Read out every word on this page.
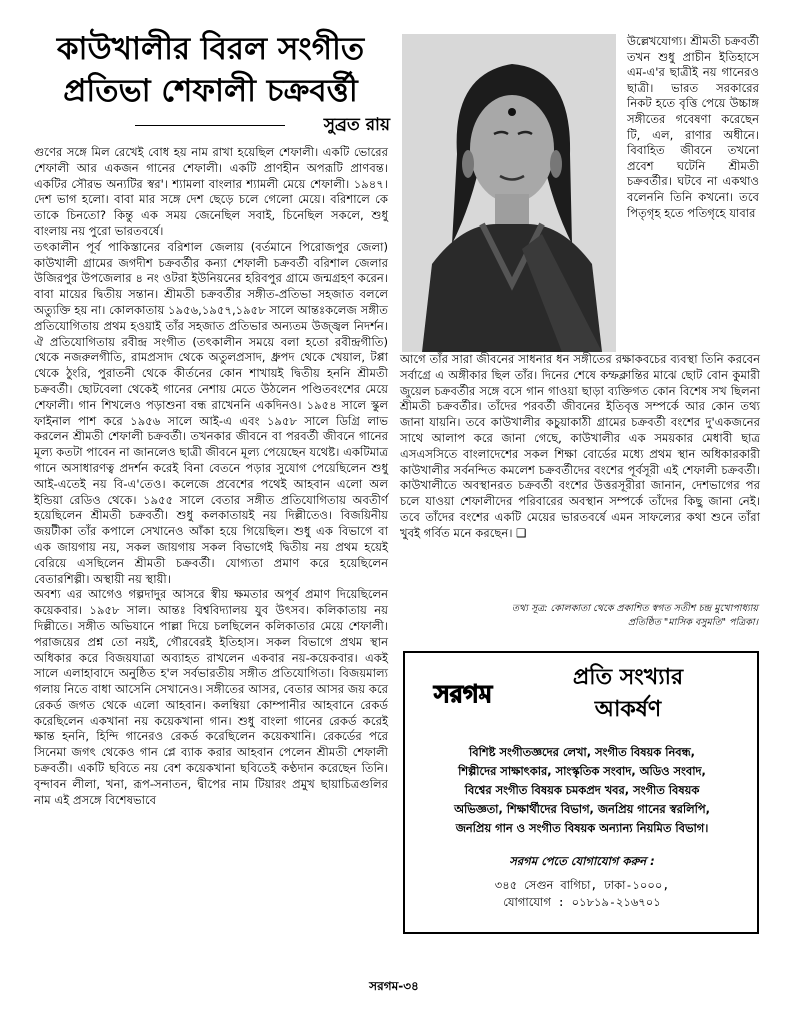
কাউখালীর বিরল সংগীত
প্রতিভা শেফালী চক্রবর্ত্তী
সুব্রত রায়

গুণের সঙ্গে মিল রেখেই বোধ হয় নাম রাখা হয়েছিল শেফালী। একটি ভোরের শেফালী আর একজন গানের শেফালী। একটি প্রাণহীন অপরূটি প্রাণবন্ত। একটির সৌরভ অন্যটির স্বর'। শ্যামলা বাংলার শ্যামলী মেয়ে শেফালী। ১৯৪৭। দেশ ভাগ হলো। বাবা মার সঙ্গে দেশ ছেড়ে চলে গেলো মেয়ে। বরিশালে কে তাকে চিনতো? কিন্তু এক সময় জেনেছিল সবাই, চিনেছিল সকলে, শুধু বাংলায় নয় পুরো ভারতবর্ষে।

তৎকালীন পূর্ব পাকিস্তানের বরিশাল জেলায় (বর্তমানে পিরোজপুর জেলা) কাউখালী গ্রামের জগদীশ চক্রবর্তীর কন্যা শেফালী চক্রবর্তী বরিশাল জেলার উজিরপুর উপজেলার ৪ নং ওটরা ইউনিয়নের হরিবপুর গ্রামে জন্মগ্রহণ করেন। বাবা মায়ের দ্বিতীয় সন্তান। শ্রীমতী চক্রবর্তীর সঙ্গীত-প্রতিভা সহজাত বললে অত্যুক্তি হয় না। কোলকাতায় ১৯৫৬,১৯৫৭,১৯৫৮ সালে আন্তঃকলেজ সঙ্গীত প্রতিযোগিতায় প্রথম হওয়াই তাঁর সহজাত প্রতিভার অন্যতম উজ্জ্বল নিদর্শন। ঐ প্রতিযোগিতায় রবীন্দ্র সংগীত (তৎকালীন সময়ে বলা হতো রবীন্দ্রগীতি) থেকে নজরুলগীতি, রামপ্রসাদ থেকে অতুলপ্রসাদ, ধ্রুপদ থেকে খেয়াল, টপ্পা থেকে ঠুংরি, পুরাতনী থেকে কীর্তনের কোন শাখায়ই দ্বিতীয় হননি শ্রীমতী চক্রবর্তী। ছোটবেলা থেকেই গানের নেশায় মেতে উঠলেন পণ্ডিতবংশের মেয়ে শেফালী। গান শিখলেও পড়াশুনা বন্ধ রাখেননি একদিনও। ১৯৫৪ সালে স্কুল ফাইনাল পাশ করে ১৯৫৬ সালে আই-এ এবং ১৯৫৮ সালে ডিগ্রি লাভ করলেন শ্রীমতী শেফালী চক্রবর্তী। তখনকার জীবনে বা পরবর্তী জীবনে গানের মূল্য কতটা পাবেন না জানলেও ছাত্রী জীবনে মূল্য পেয়েছেন যথেষ্ট। একটিমাত্র গানে অসাধারণত্ব প্রদর্শন করেই বিনা বেতনে পড়ার সুযোগ পেয়েছিলেন শুধু আই-এতেই নয় বি-এ'তেও। কলেজে প্রবেশের পথেই আহবান এলো অল ইন্ডিয়া রেডিও থেকে। ১৯৫৫ সালে বেতার সঙ্গীত প্রতিযোগিতায় অবতীর্ণ হয়েছিলেন শ্রীমতী চক্রবর্তী। শুধু কলকাতায়ই নয় দিল্লীতেও। বিজয়িনীয় জয়টীকা তাঁর কপালে সেখানেও আঁকা হয়ে গিয়েছিল। শুধু এক বিভাগে বা এক জায়গায় নয়, সকল জায়গায় সকল বিভাগেই দ্বিতীয় নয় প্রথম হয়েই বেরিয়ে এসছিলেন শ্রীমতী চক্রবর্তী। যোগ্যতা প্রমাণ করে হয়েছিলেন বেতারশিল্পী। অস্থায়ী নয় স্থায়ী।

অবশ্য এর আগেও গল্পদাদুর আসরে স্বীয় ক্ষমতার অপূর্ব প্রমাণ দিয়েছিলেন কয়েকবার। ১৯৫৮ সাল। আন্তঃ বিশ্ববিদ্যালয় যুব উৎসব। কলিকাতায় নয় দিল্লীতে। সঙ্গীত অভিযানে পাল্লা দিয়ে চলছিলেন কলিকাতার মেয়ে শেফালী। পরাজয়ের প্রশ্ন তো নয়ই, গৌরবেরই ইতিহাস। সকল বিভাগে প্রথম স্থান অধিকার করে বিজয়যাত্রা অব্যাহত রাখলেন একবার নয়-কয়েকবার। একই সালে এলাহাবাদে অনুষ্ঠিত হ'ল সর্বভারতীয় সঙ্গীত প্রতিযোগিতা। বিজয়মাল্য গলায় নিতে বাধা আসেনি সেখানেও। সঙ্গীতের আসর, বেতার আসর জয় করে রেকর্ড জগত থেকে এলো আহবান। কলম্বিয়া কোম্পানীর আহবানে রেকর্ড করেছিলেন একখানা নয় কয়েকখানা গান। শুধু বাংলা গানের রেকর্ড করেই ক্ষান্ত হননি, হিন্দি গানেরও রেকর্ড করেছিলেন কয়েকখানি। রেকর্ডের পরে সিনেমা জগৎ থেকেও গান প্লে ব্যাক করার আহবান পেলেন শ্রীমতী শেফালী চক্রবর্তী। একটি ছবিতে নয় বেশ কয়েকখানা ছবিতেই কণ্ঠদান করেছেন তিনি। বৃন্দাবন লীলা, খনা, রূপ-সনাতন, দ্বীপের নাম টিয়ারং প্রমুখ ছায়াচিত্রগুলির নাম এই প্রসঙ্গে বিশেষভাবে

উল্লেখযোগ্য। শ্রীমতী চক্রবর্তী তখন শুধু প্রাচীন ইতিহাসে এম-এ'র ছাত্রীই নয় গানেরও ছাত্রী। ভারত সরকারের নিকট হতে বৃত্তি পেয়ে উচ্চাঙ্গ সঙ্গীতের গবেষণা করেছেন টি, এল, রাণার অধীনে। বিবাহিত জীবনে তখনো প্রবেশ ঘটেনি শ্রীমতী চক্রবর্তীর। ঘটবে না একথাও বলেননি তিনি কখনো। তবে পিতৃগৃহ হতে পতিগৃহে যাবার
আগে তাঁর সারা জীবনের সাধনার ধন সঙ্গীতের রক্ষাকবচের ব্যবস্থা তিনি করবেন সর্বাগ্রে এ অঙ্গীকার ছিল তাঁর। দিনের শেষে কম্ফক্লান্তির মাঝে ছোট বোন কুমারী জুয়েল চক্রবর্তীর সঙ্গে বসে গান গাওয়া ছাড়া ব্যক্তিগত কোন বিশেষ সখ ছিলনা শ্রীমতী চক্রবর্তীর। তাঁদের পরবর্তী জীবনের ইতিবৃত্ত সম্পর্কে আর কোন তথ্য জানা যায়নি। তবে কাউখালীর কচুয়াকাঠী গ্রামের চক্রবর্তী বংশের দু'একজনের সাথে আলাপ করে জানা গেছে, কাউখালীর এক সময়কার মেধাবী ছাত্র এসএসসিতে বাংলাদেশের সকল শিক্ষা বোর্ডের মধ্যে প্রথম স্থান অধিকারকারী কাউখালীর সর্বনন্দিত কমলেশ চক্রবর্তীদের বংশের পূর্বসূরী এই শেফালী চক্রবর্তী। কাউখালীতে অবস্থানরত চক্রবর্তী বংশের উত্তরসূরীরা জানান, দেশভাগের পর চলে যাওয়া শেফালীদের পরিবারের অবস্থান সম্পর্কে তাঁদের কিছু জানা নেই। তবে তাঁদের বংশের একটি মেয়ের ভারতবর্ষে এমন সাফল্যের কথা শুনে তাঁরা খুবই গর্বিত মনে করছেন। ❑
তথ্য সূত্র: কোলকাতা থেকে প্রকাশিত স্বগত সতীশ চন্দ্র মুখোপাধ্যায়
প্রতিষ্ঠিত "মাসিক বসুমতি" পত্রিকা।
সরগম
প্রতি সংখ্যার
আকর্ষণ
বিশিষ্ট সংগীতজ্ঞদের লেখা, সংগীত বিষয়ক নিবন্ধ,
শিল্পীদের সাক্ষাৎকার, সাংস্কৃতিক সংবাদ, অডিও সংবাদ,
বিশ্বের সংগীত বিষয়ক চমকপ্রদ খবর, সংগীত বিষয়ক
অভিজ্ঞতা, শিক্ষার্থীদের বিভাগ, জনপ্রিয় গানের স্বরলিপি,
জনপ্রিয় গান ও সংগীত বিষয়ক অন্যান্য নিয়মিত বিভাগ।
সরগম পেতে যোগাযোগ করুন :
৩৪৫ সেগুন বাগিচা, ঢাকা-১০০০,
যোগাযোগ : ০১৮১৯-২১৬৭০১
সরগম-৩৪
